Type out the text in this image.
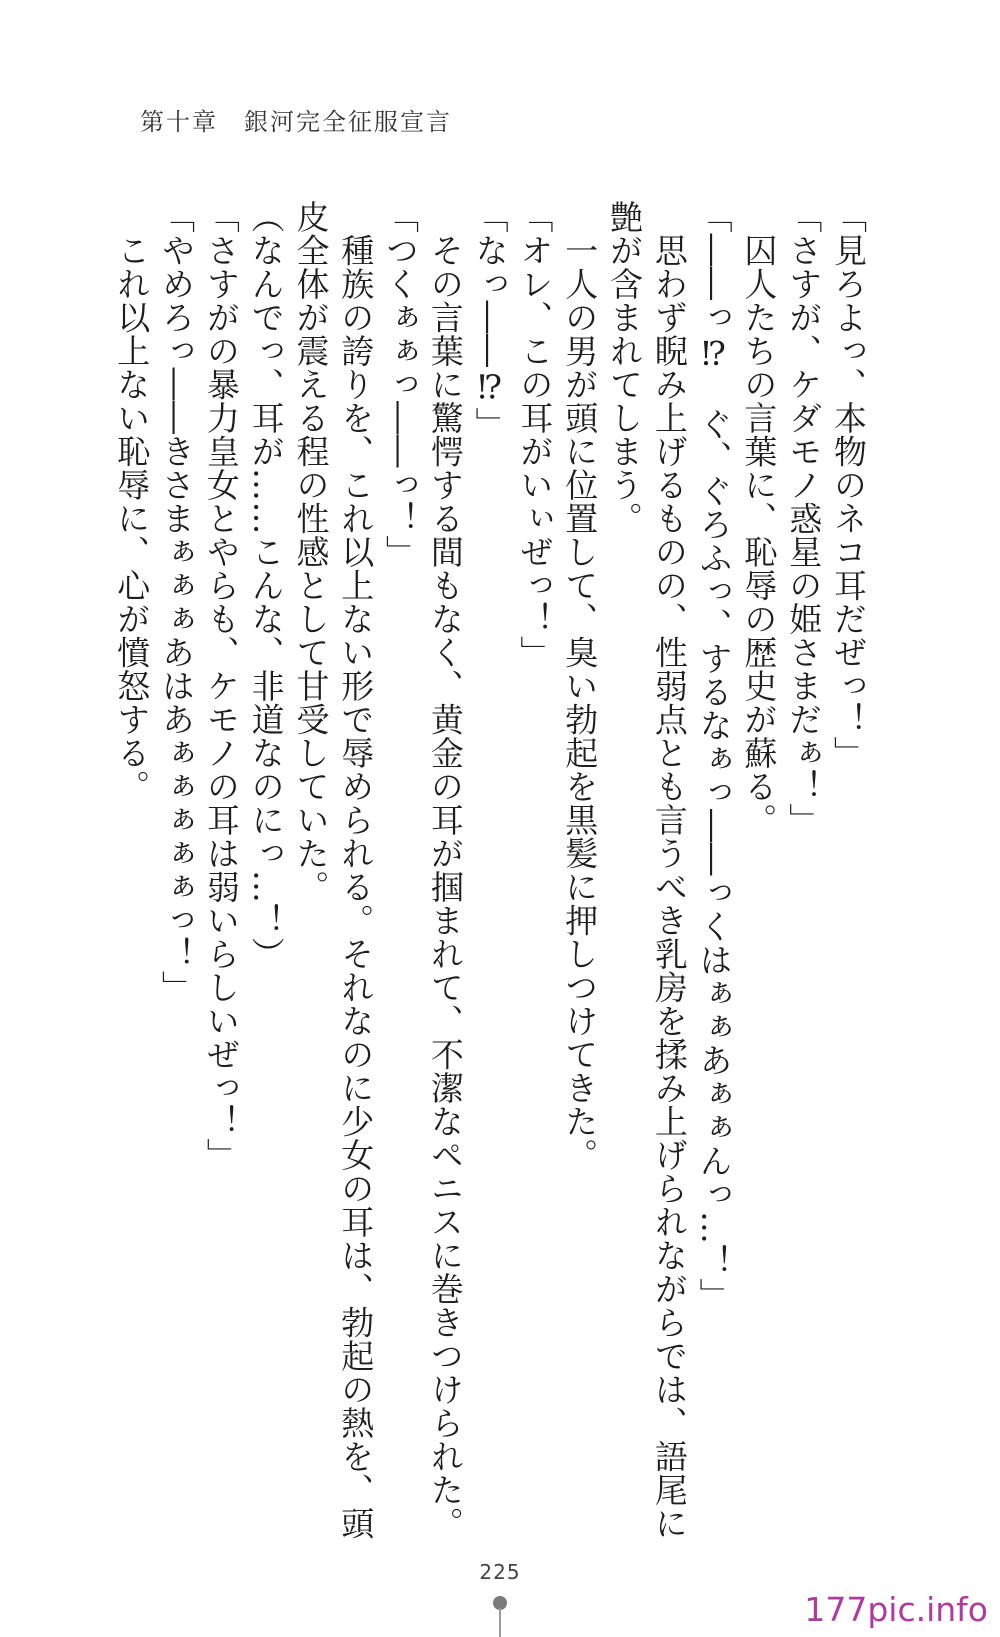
第十章　銀河完全征服宣言
「見ろよっ、本物のネコ耳だぜっ！」
「さすが、ケダモノ惑星の姫さまだぁ！」
　囚人たちの言葉に、恥辱の歴史が蘇る。
「――っ⁉　ぐ、ぐろふっ、するなぁっ――っくはぁぁあぁぁんっ…！」
　思わず睨み上げるものの、性弱点とも言うべき乳房を揉み上げられながらでは、語尾に
艶が含まれてしまう。
　一人の男が頭に位置して、臭い勃起を黒髪に押しつけてきた。
「オレ、この耳がいぃぜっ！」
「なっ――⁉」
　その言葉に驚愕する間もなく、黄金の耳が掴まれて、不潔なペニスに巻きつけられた。
「つくぁぁっ――っ！」
　種族の誇りを、これ以上ない形で辱められる。それなのに少女の耳は、勃起の熱を、頭
皮全体が震える程の性感として甘受していた。
（なんでっ、耳が……こんな、非道なのにっ…！）
「さすがの暴力皇女とやらも、ケモノの耳は弱いらしいぜっ！」
「やめろっ――きさまぁぁぁあはあぁぁぁぁぁっ！」
　これ以上ない恥辱に、心が憤怒する。
225
177pic.info
